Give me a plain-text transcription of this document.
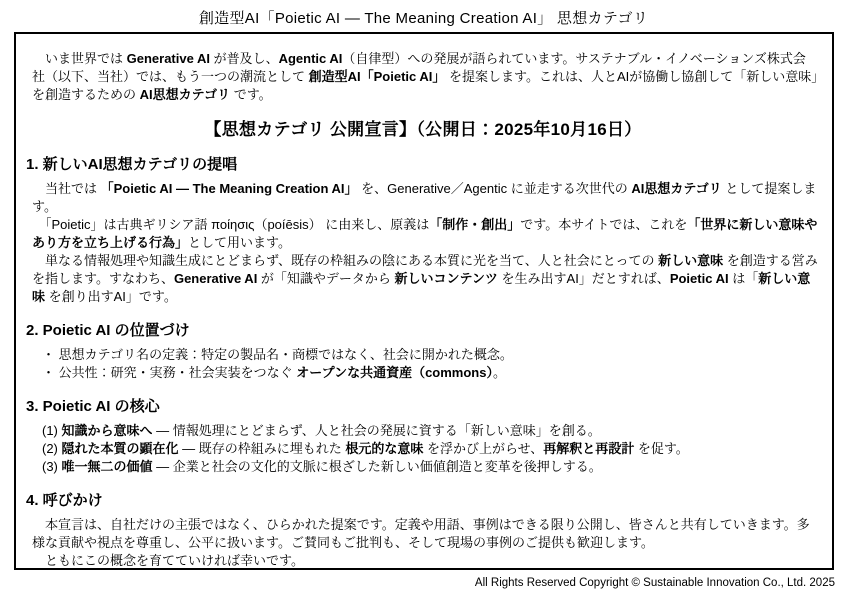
創造型AI「Poietic AI — The Meaning Creation AI」 思想カテゴリ

　いま世界では Generative AI が普及し、Agentic AI（自律型）への発展が語られています。サステナブル・イノベーションズ株式会社（以下、当社）では、もう一つの潮流として 創造型AI「Poietic AI」 を提案します。これは、人とAIが協働し協創して「新しい意味」を創造するための AI思想カテゴリ です。

【思想カテゴリ 公開宣言】（公開日：2025年10月16日）
1. 新しいAI思想カテゴリの提唱

　当社では 「Poietic AI — The Meaning Creation AI」 を、Generative／Agentic に並走する次世代の AI思想カテゴリ として提案します。

　「Poietic」は古典ギリシア語 ποίησις（poíēsis） に由来し、原義は「制作・創出」です。本サイトでは、これを「世界に新しい意味やあり方を立ち上げる行為」として用います。

　単なる情報処理や知識生成にとどまらず、既存の枠組みの陰にある本質に光を当て、人と社会にとっての 新しい意味 を創造する営みを指します。すなわち、Generative AI が「知識やデータから 新しいコンテンツ を生み出すAI」だとすれば、Poietic AI は「新しい意味 を創り出すAI」です。

2. Poietic AI の位置づけ

・ 思想カテゴリ名の定義：特定の製品名・商標ではなく、社会に開かれた概念。

・ 公共性：研究・実務・社会実装をつなぐ オープンな共通資産（commons）。

3. Poietic AI の核心

(1) 知識から意味へ ― 情報処理にとどまらず、人と社会の発展に資する「新しい意味」を創る。

(2) 隠れた本質の顕在化 ― 既存の枠組みに埋もれた 根元的な意味 を浮かび上がらせ、再解釈と再設計 を促す。

(3) 唯一無二の価値 ― 企業と社会の文化的文脈に根ざした新しい価値創造と変革を後押しする。

4. 呼びかけ

　本宣言は、自社だけの主張ではなく、ひらかれた提案です。定義や用語、事例はできる限り公開し、皆さんと共有していきます。多様な貢献や視点を尊重し、公平に扱います。ご賛同もご批判も、そして現場の事例のご提供も歓迎します。

　ともにこの概念を育てていければ幸いです。

All Rights Reserved Copyright © Sustainable Innovation Co., Ltd. 2025
